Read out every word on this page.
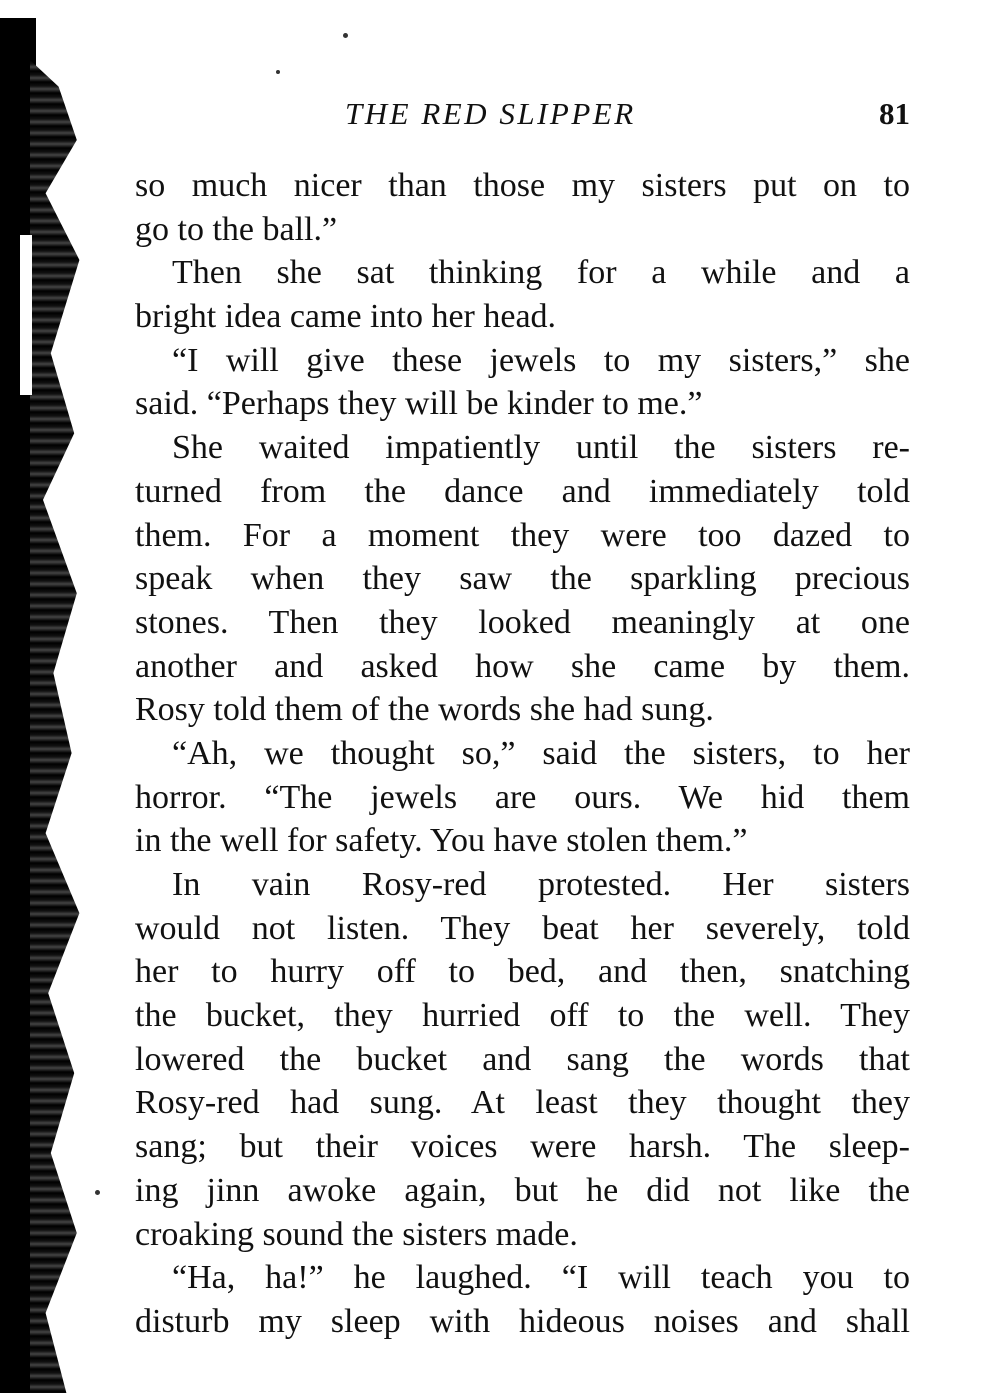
THE RED SLIPPER	81
so much nicer than those my sisters put on to
go to the ball.”
Then she sat thinking for a while and a
bright idea came into her head.
“I will give these jewels to my sisters,” she
said. “Perhaps they will be kinder to me.”
She waited impatiently until the sisters re-
turned from the dance and immediately told
them. For a moment they were too dazed to
speak when they saw the sparkling precious
stones. Then they looked meaningly at one
another and asked how she came by them.
Rosy told them of the words she had sung.
“Ah, we thought so,” said the sisters, to her
horror. “The jewels are ours. We hid them
in the well for safety. You have stolen them.”
In vain Rosy-red protested. Her sisters
would not listen. They beat her severely, told
her to hurry off to bed, and then, snatching
the bucket, they hurried off to the well. They
lowered the bucket and sang the words that
Rosy-red had sung. At least they thought they
sang; but their voices were harsh. The sleep-
ing jinn awoke again, but he did not like the
croaking sound the sisters made.
“Ha, ha!” he laughed. “I will teach you to
disturb my sleep with hideous noises and shall
